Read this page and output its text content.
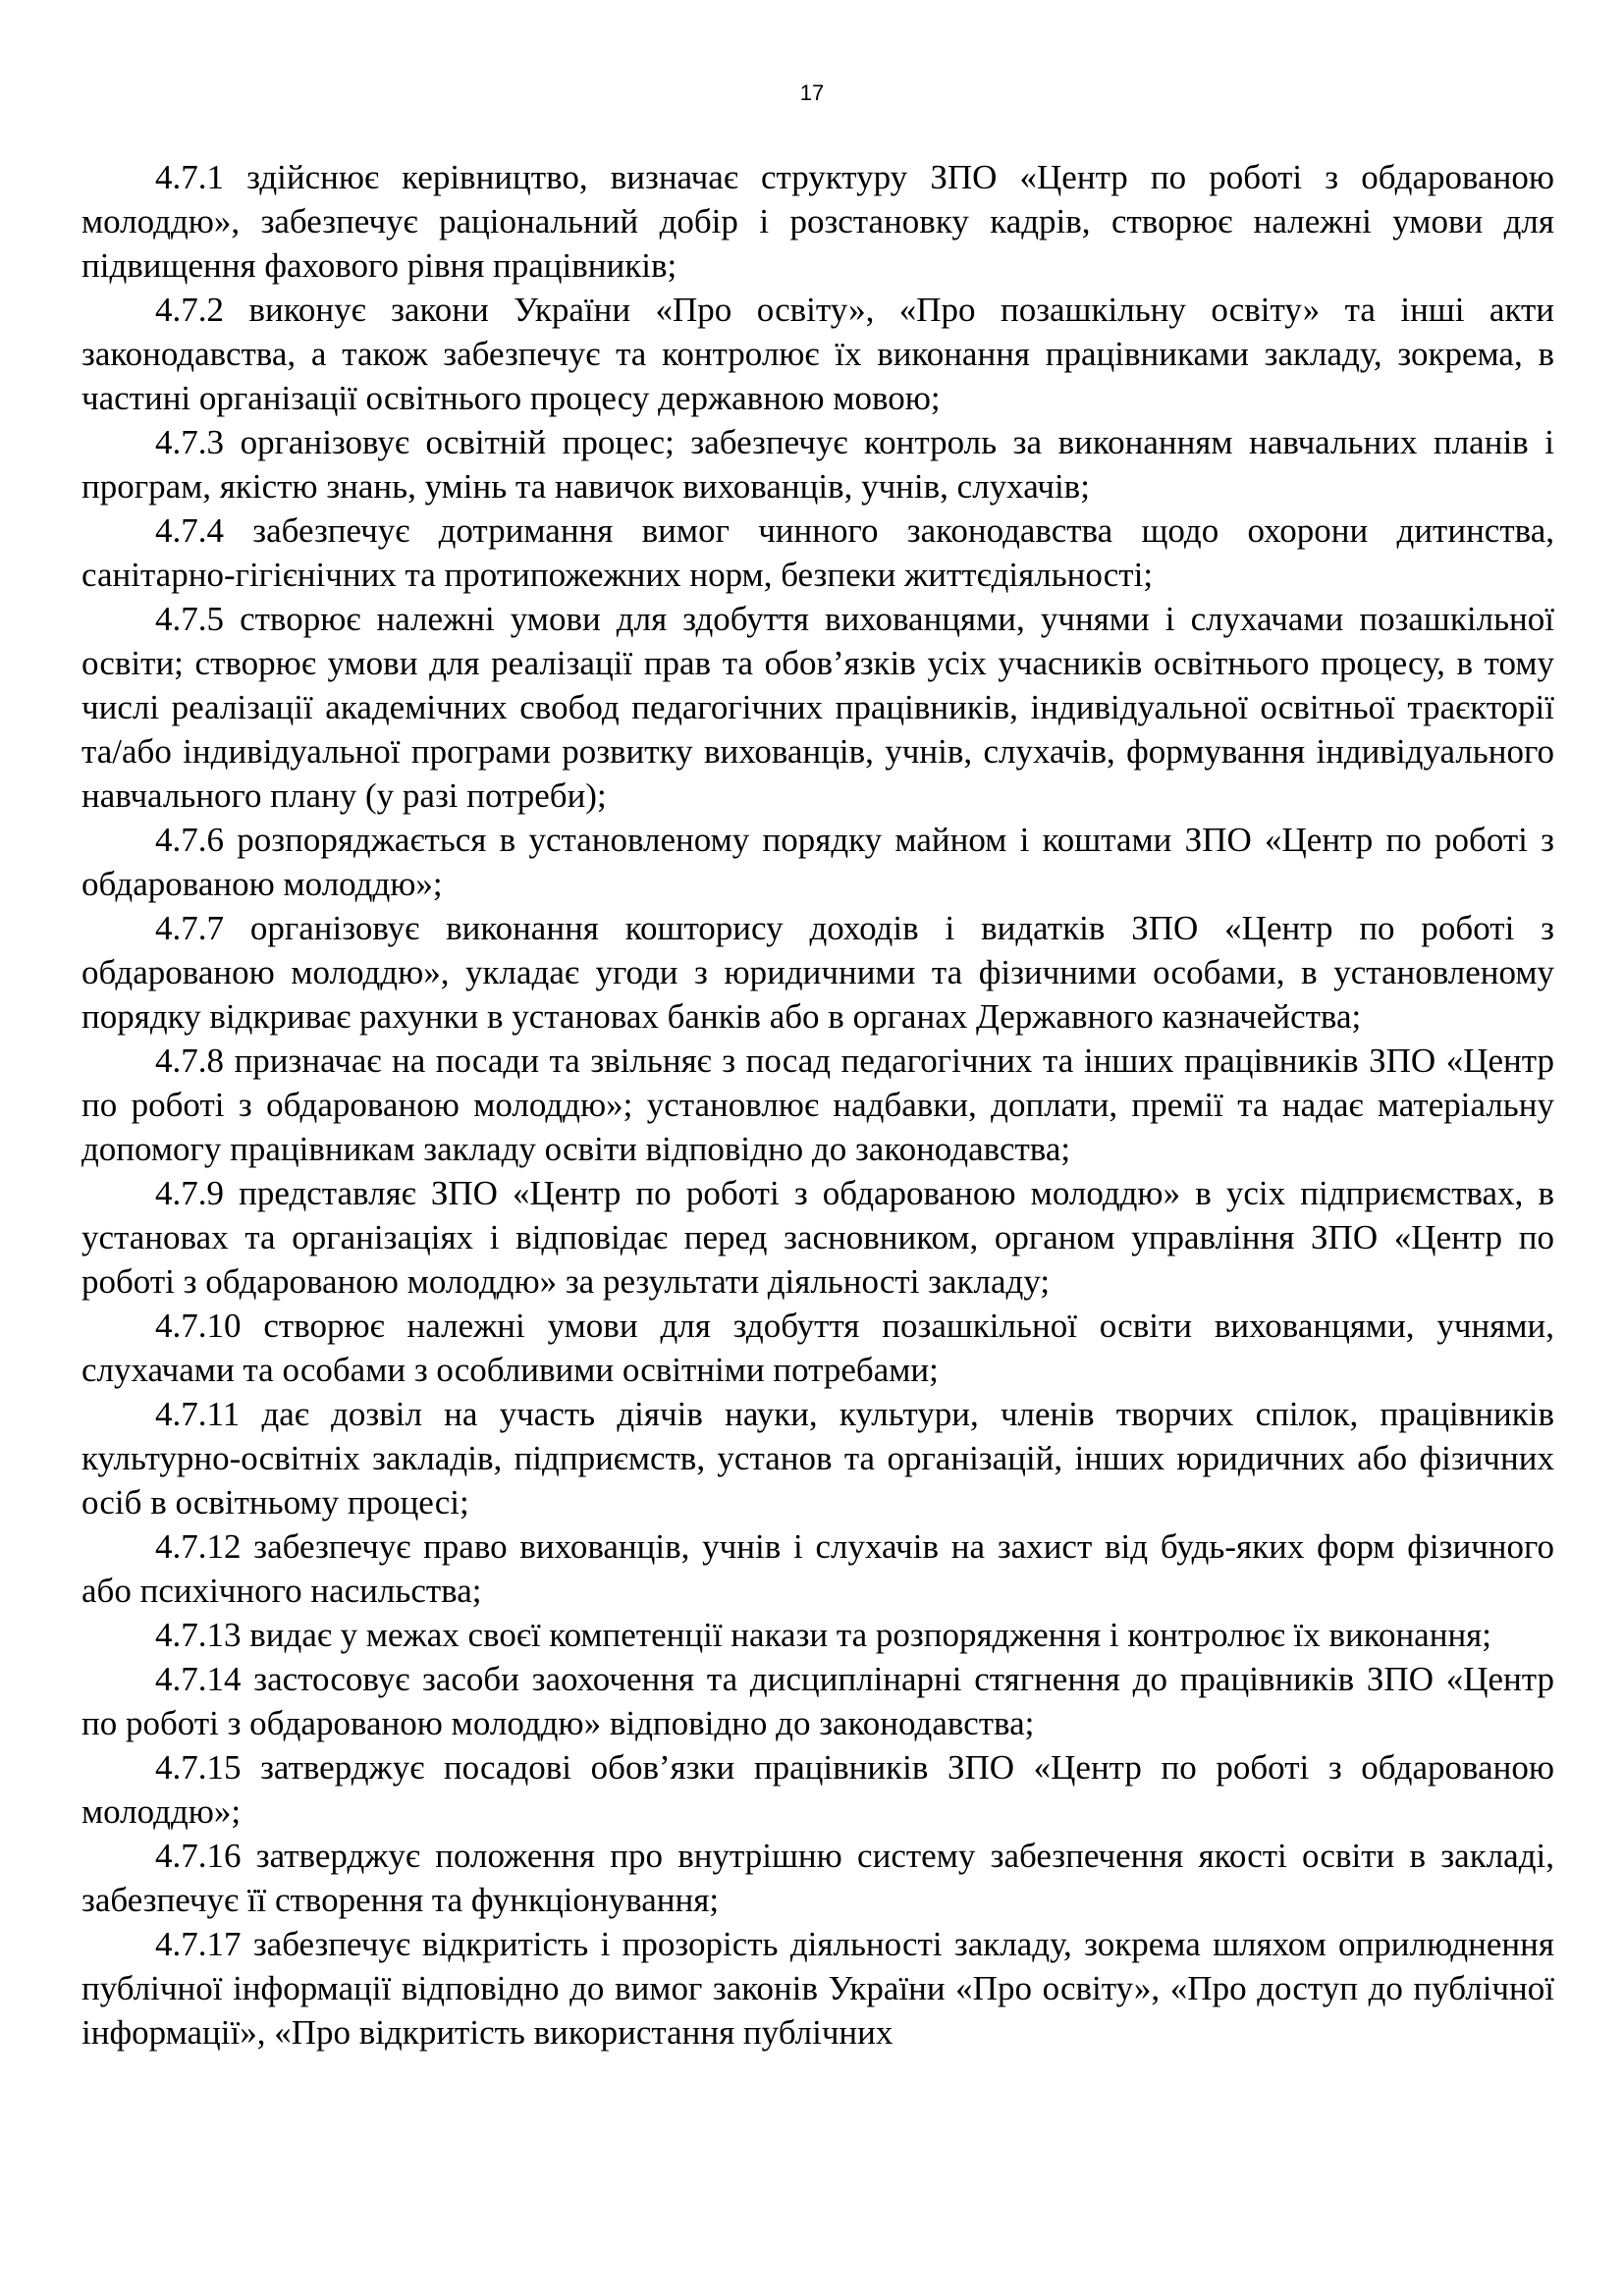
17

4.7.1 здійснює керівництво, визначає структуру ЗПО «Центр по роботі з обдарованою молоддю», забезпечує раціональний добір і розстановку кадрів, створює належні умови для підвищення фахового рівня працівників;

4.7.2 виконує закони України «Про освіту», «Про позашкільну освіту» та інші акти законодавства, а також забезпечує та контролює їх виконання працівниками закладу, зокрема, в частині організації освітнього процесу державною мовою;

4.7.3 організовує освітній процес; забезпечує контроль за виконанням навчальних планів і програм, якістю знань, умінь та навичок вихованців, учнів, слухачів;

4.7.4 забезпечує дотримання вимог чинного законодавства щодо охорони дитинства, санітарно-гігієнічних та протипожежних норм, безпеки життєдіяльності;

4.7.5 створює належні умови для здобуття вихованцями, учнями і слухачами позашкільної освіти; створює умови для реалізації прав та обов’язків усіх учасників освітнього процесу, в тому числі реалізації академічних свобод педагогічних працівників, індивідуальної освітньої траєкторії та/або індивідуальної програми розвитку вихованців, учнів, слухачів, формування індивідуального навчального плану (у разі потреби);

4.7.6 розпоряджається в установленому порядку майном і коштами ЗПО «Центр по роботі з обдарованою молоддю»;

4.7.7 організовує виконання кошторису доходів і видатків ЗПО «Центр по роботі з обдарованою молоддю», укладає угоди з юридичними та фізичними особами, в установленому порядку відкриває рахунки в установах банків або в органах Державного казначейства;

4.7.8 призначає на посади та звільняє з посад педагогічних та інших працівників ЗПО «Центр по роботі з обдарованою молоддю»; установлює надбавки, доплати, премії та надає матеріальну допомогу працівникам закладу освіти відповідно до законодавства;

4.7.9 представляє ЗПО «Центр по роботі з обдарованою молоддю» в усіх підприємствах, в установах та організаціях і відповідає перед засновником, органом управління ЗПО «Центр по роботі з обдарованою молоддю» за результати діяльності закладу;

4.7.10 створює належні умови для здобуття позашкільної освіти вихованцями, учнями, слухачами та особами з особливими освітніми потребами;

4.7.11 дає дозвіл на участь діячів науки, культури, членів творчих спілок, працівників культурно-освітніх закладів, підприємств, установ та організацій, інших юридичних або фізичних осіб в освітньому процесі;

4.7.12 забезпечує право вихованців, учнів і слухачів на захист від будь-яких форм фізичного або психічного насильства;

4.7.13 видає у межах своєї компетенції накази та розпорядження і контролює їх виконання;

4.7.14 застосовує засоби заохочення та дисциплінарні стягнення до працівників ЗПО «Центр по роботі з обдарованою молоддю» відповідно до законодавства;

4.7.15 затверджує посадові обов’язки працівників ЗПО «Центр по роботі з обдарованою молоддю»;

4.7.16 затверджує положення про внутрішню систему забезпечення якості освіти в закладі, забезпечує її створення та функціонування;

4.7.17 забезпечує відкритість і прозорість діяльності закладу, зокрема шляхом оприлюднення публічної інформації відповідно до вимог законів України «Про освіту», «Про доступ до публічної інформації», «Про відкритість використання публічних
